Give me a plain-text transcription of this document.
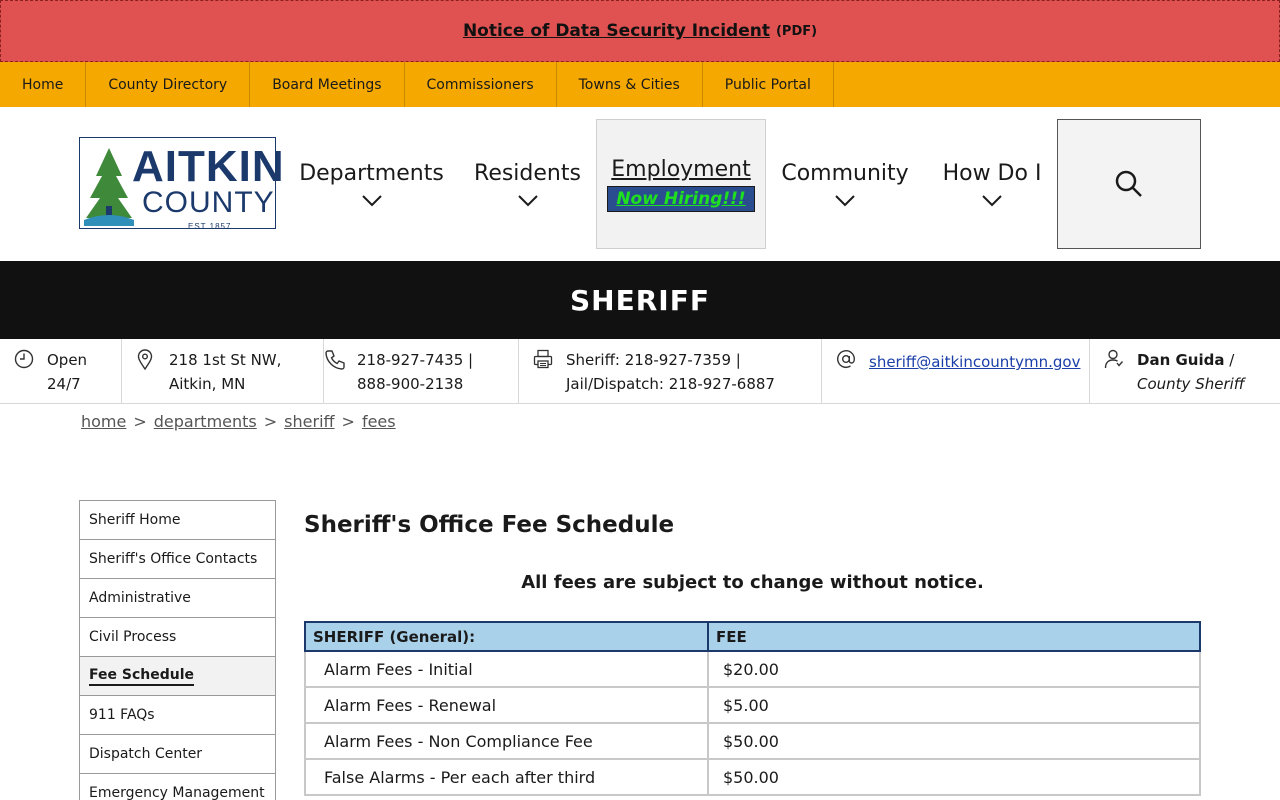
Notice of Data Security Incident (PDF)
Home	County Directory	Board Meetings	Commissioners	Towns & Cities	Public Portal
AITKIN
COUNTY
EST 1857
Departments Residents Employment
Now Hiring!!!
Community How Do I
SHERIFF
Open
24/7
218 1st St NW,
Aitkin, MN
218-927-7435 |
888-900-2138
Sheriff: 218-927-7359 |
Jail/Dispatch: 218-927-6887
sheriff@aitkincountymn.gov	Dan Guida /
County Sheriff
home > departments > sheriff > fees
Sheriff Home
Sheriff's Office Contacts
Administrative
Civil Process
Fee Schedule
911 FAQs
Dispatch Center
Emergency Management
Sheriff's Office Fee Schedule

All fees are subject to change without notice.

SHERIFF (General):	FEE
Alarm Fees - Initial	$20.00
Alarm Fees - Renewal	$5.00
Alarm Fees - Non Compliance Fee	$50.00
False Alarms - Per each after third	$50.00
